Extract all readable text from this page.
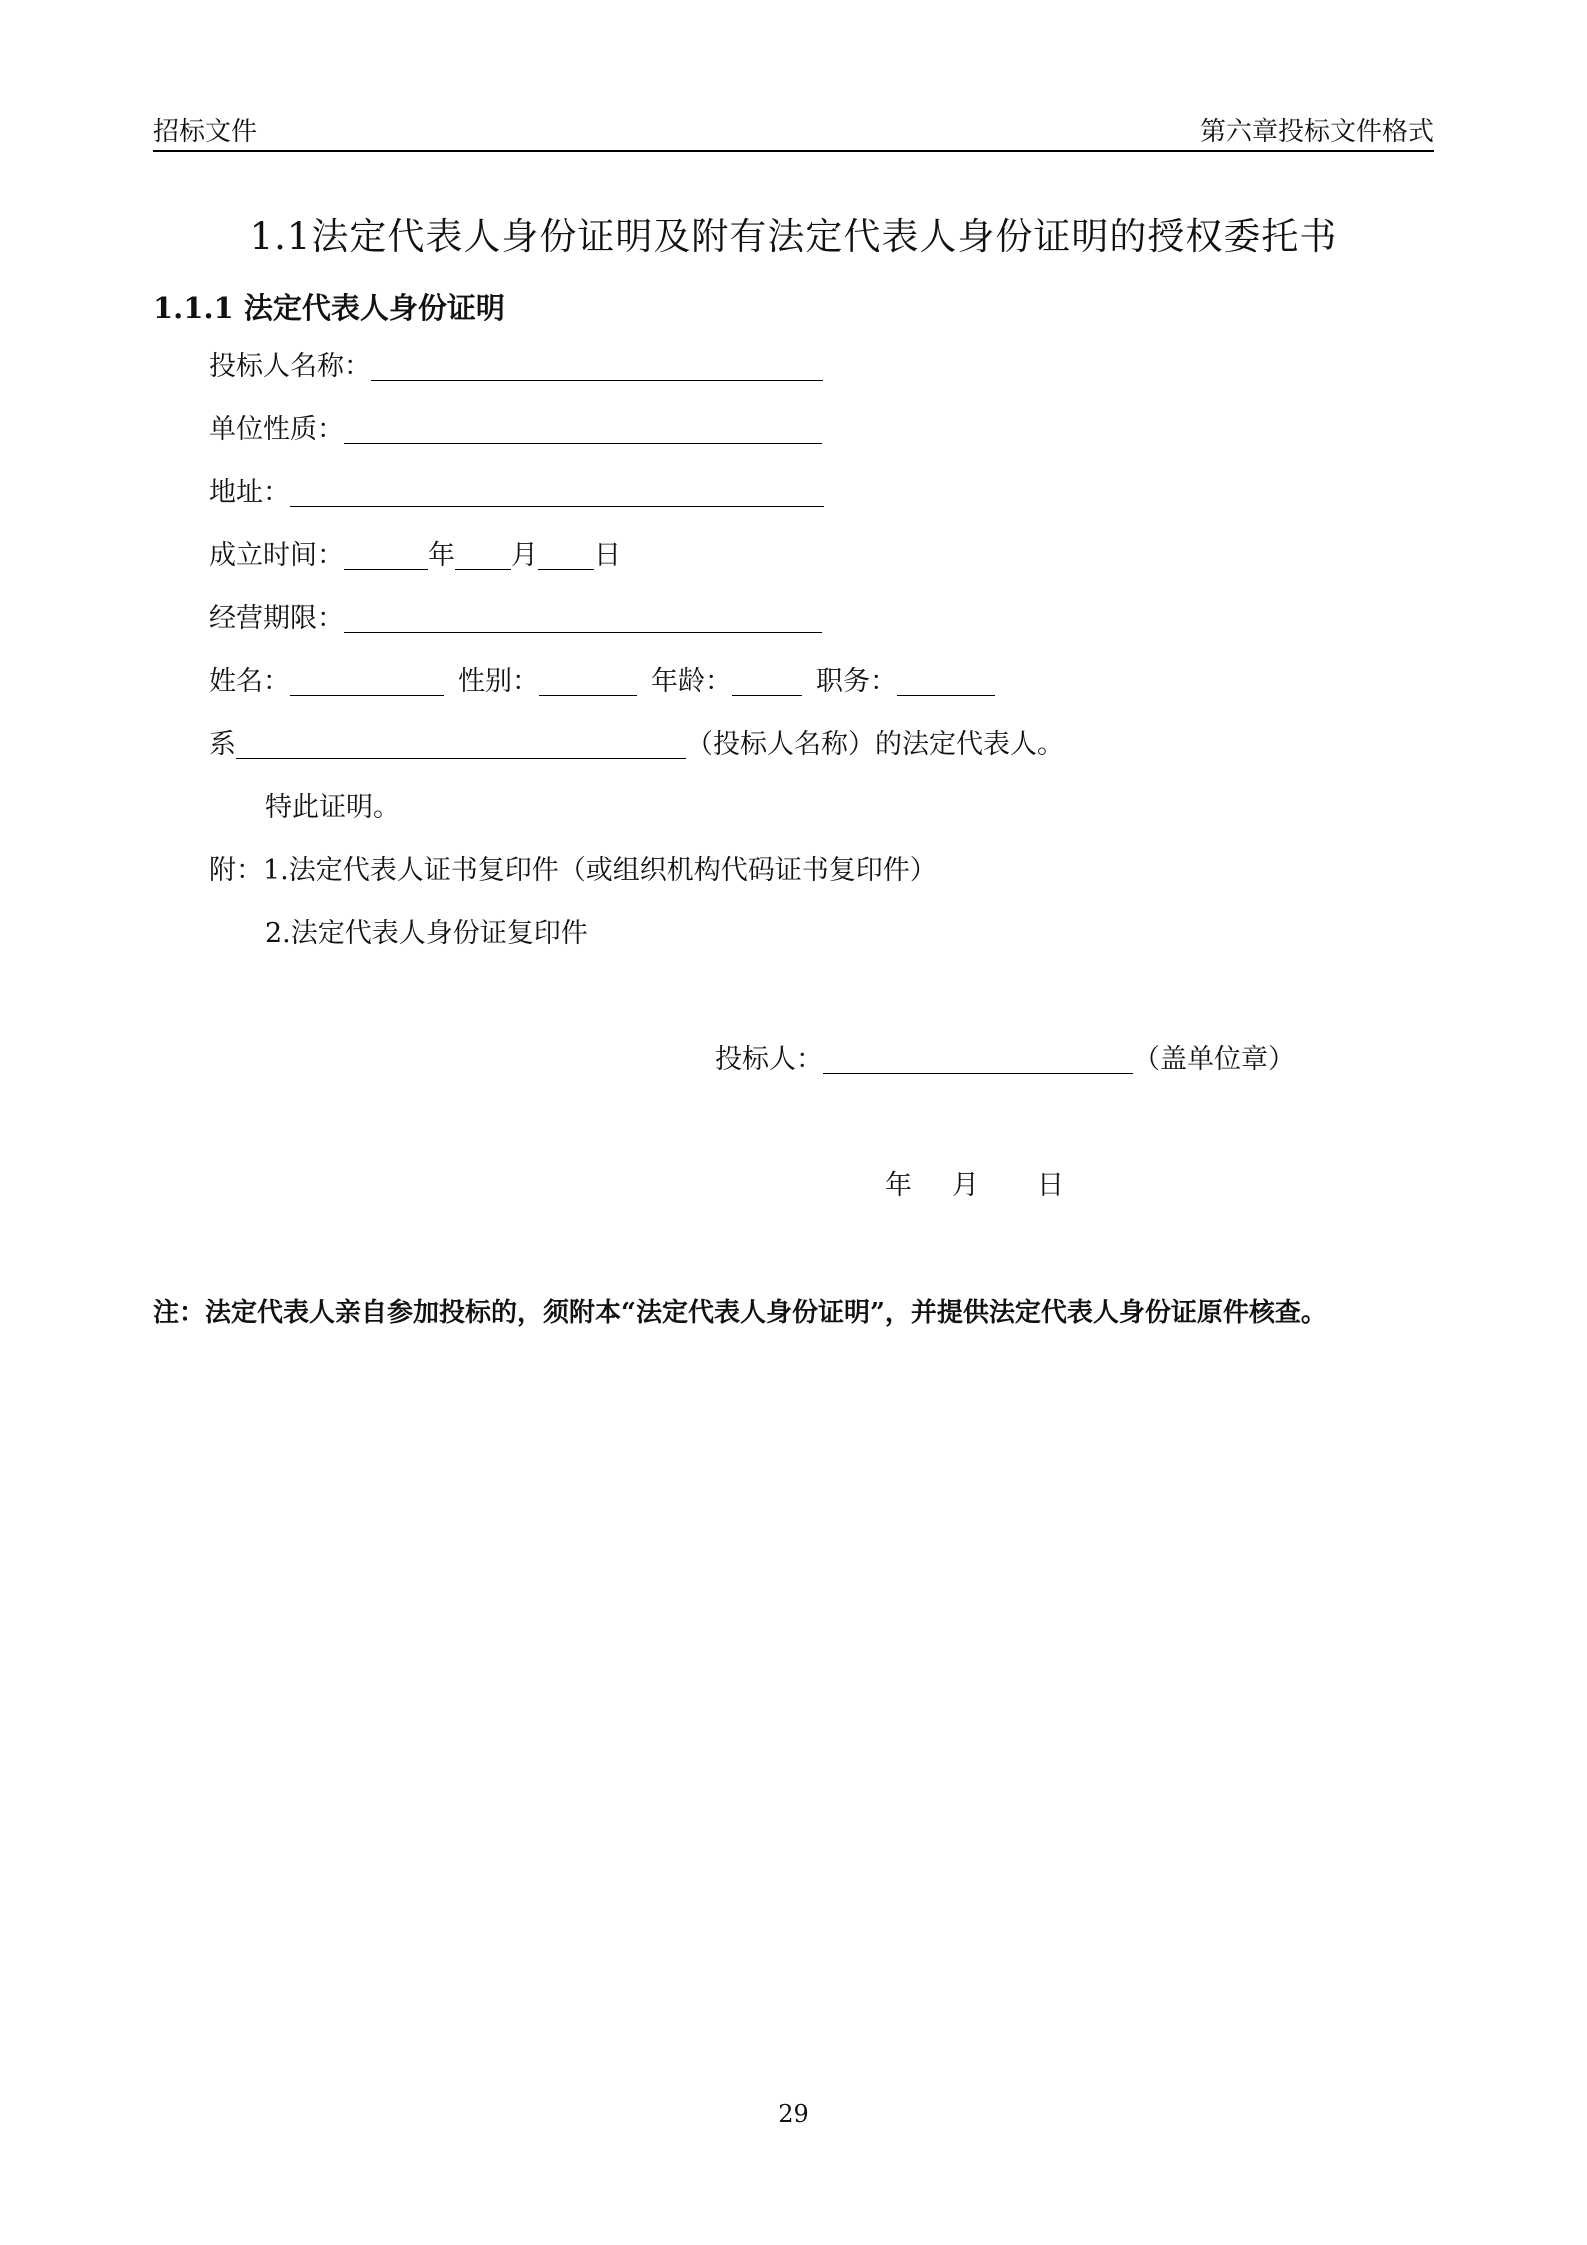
招标文件	第六章投标文件格式
1.1法定代表人身份证明及附有法定代表人身份证明的授权委托书
1.1.1 法定代表人身份证明
投标人名称：
单位性质：
地址：
成立时间：	年 月 日
经营期限：
姓名：	性别：	年龄：	职务：
系	（投标人名称）的法定代表人。
特此证明。
附：1.法定代表人证书复印件（或组织机构代码证书复印件）
2.法定代表人身份证复印件
投标人：	（盖单位章）
年 月 日
注：法定代表人亲自参加投标的，须附本“法定代表人身份证明”，并提供法定代表人身份证原件核查。
29
